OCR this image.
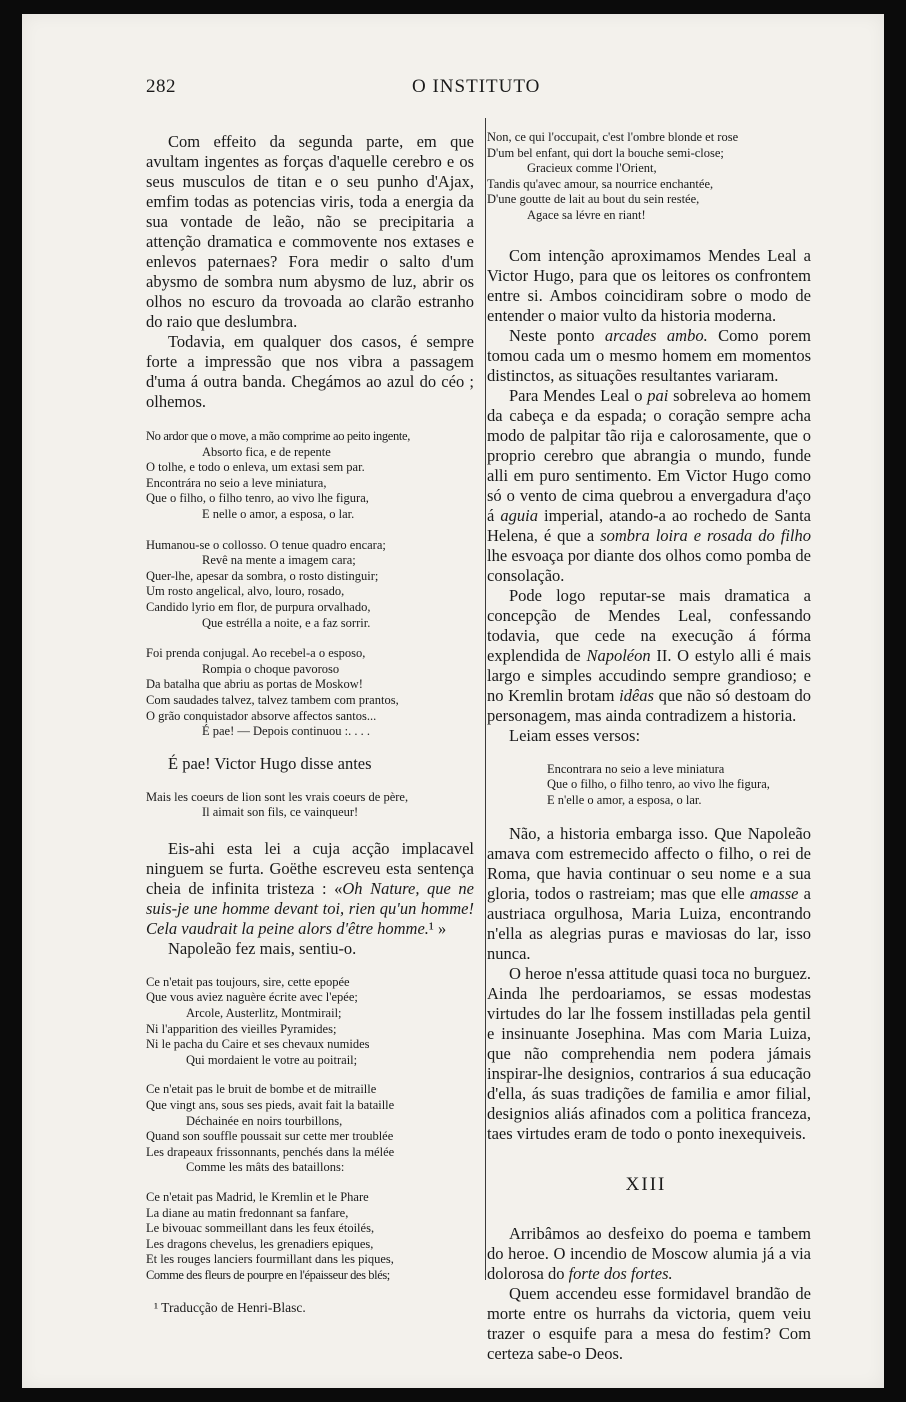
282	O INSTITUTO

Com effeito da segunda parte, em que avultam ingentes as forças d'aquelle cerebro e os seus musculos de titan e o seu punho d'Ajax, emfim todas as potencias viris, toda a energia da sua vontade de leão, não se precipitaria a attenção dramatica e commovente nos extases e enlevos paternaes? Fora medir o salto d'um abysmo de sombra num abysmo de luz, abrir os olhos no escuro da trovoada ao clarão estranho do raio que deslumbra.

Todavia, em qualquer dos casos, é sempre forte a impressão que nos vibra a passagem d'uma á outra banda. Chegámos ao azul do céo ; olhemos.

No ardor que o move, a mão comprime ao peito ingente,
Absorto fica, e de repente
O tolhe, e todo o enleva, um extasi sem par.
Encontrára no seio a leve miniatura,
Que o filho, o filho tenro, ao vivo lhe figura,
E nelle o amor, a esposa, o lar.
Humanou-se o collosso. O tenue quadro encara;
Revê na mente a imagem cara;
Quer-lhe, apesar da sombra, o rosto distinguir;
Um rosto angelical, alvo, louro, rosado,
Candido lyrio em flor, de purpura orvalhado,
Que estrélla a noite, e a faz sorrir.
Foi prenda conjugal. Ao recebel-a o esposo,
Rompia o choque pavoroso
Da batalha que abriu as portas de Moskow!
Com saudades talvez, talvez tambem com prantos,
O grão conquistador absorve affectos santos...
É pae! — Depois continuou :. . . .

É pae! Victor Hugo disse antes

Mais les coeurs de lion sont les vrais coeurs de père,
Il aimait son fils, ce vainqueur!

Eis-ahi esta lei a cuja acção implacavel ninguem se furta. Goëthe escreveu esta sentença cheia de infinita tristeza : «Oh Nature, que ne suis-je une homme devant toi, rien qu'un homme! Cela vaudrait la peine alors d'être homme.¹ »

Napoleão fez mais, sentiu-o.

Ce n'etait pas toujours, sire, cette epopée
Que vous aviez naguère écrite avec l'epée;
Arcole, Austerlitz, Montmirail;
Ni l'apparition des vieilles Pyramides;
Ni le pacha du Caire et ses chevaux numides
Qui mordaient le votre au poitrail;
Ce n'etait pas le bruit de bombe et de mitraille
Que vingt ans, sous ses pieds, avait fait la bataille
Déchainée en noirs tourbillons,
Quand son souffle poussait sur cette mer troublée
Les drapeaux frissonnants, penchés dans la mélée
Comme les mâts des bataillons:
Ce n'etait pas Madrid, le Kremlin et le Phare
La diane au matin fredonnant sa fanfare,
Le bivouac sommeillant dans les feux étoilés,
Les dragons chevelus, les grenadiers epiques,
Et les rouges lanciers fourmillant dans les piques,
Comme des fleurs de pourpre en l'épaisseur des blés;

¹ Traducção de Henri-Blasc.

Non, ce qui l'occupait, c'est l'ombre blonde et rose
D'um bel enfant, qui dort la bouche semi-close;
Gracieux comme l'Orient,
Tandis qu'avec amour, sa nourrice enchantée,
D'une goutte de lait au bout du sein restée,
Agace sa lévre en riant!

Com intenção aproximamos Mendes Leal a Victor Hugo, para que os leitores os confrontem entre si. Ambos coincidiram sobre o modo de entender o maior vulto da historia moderna.

Neste ponto arcades ambo. Como porem tomou cada um o mesmo homem em momentos distinctos, as situações resultantes variaram.

Para Mendes Leal o pai sobreleva ao homem da cabeça e da espada; o coração sempre acha modo de palpitar tão rija e calorosamente, que o proprio cerebro que abrangia o mundo, funde alli em puro sentimento. Em Victor Hugo como só o vento de cima quebrou a envergadura d'aço á aguia imperial, atando-a ao rochedo de Santa Helena, é que a sombra loira e rosada do filho lhe esvoaça por diante dos olhos como pomba de consolação.

Pode logo reputar-se mais dramatica a concepção de Mendes Leal, confessando todavia, que cede na execução á fórma explendida de Napoléon II. O estylo alli é mais largo e simples accudindo sempre grandioso; e no Kremlin brotam idêas que não só destoam do personagem, mas ainda contradizem a historia.

Leiam esses versos:

Encontrara no seio a leve miniatura
Que o filho, o filho tenro, ao vivo lhe figura,
E n'elle o amor, a esposa, o lar.

Não, a historia embarga isso. Que Napoleão amava com estremecido affecto o filho, o rei de Roma, que havia continuar o seu nome e a sua gloria, todos o rastreiam; mas que elle amasse a austriaca orgulhosa, Maria Luiza, encontrando n'ella as alegrias puras e maviosas do lar, isso nunca.

O heroe n'essa attitude quasi toca no burguez. Ainda lhe perdoariamos, se essas modestas virtudes do lar lhe fossem instilladas pela gentil e insinuante Josephina. Mas com Maria Luiza, que não comprehendia nem podera jámais inspirar-lhe designios, contrarios á sua educação d'ella, ás suas tradições de familia e amor filial, designios aliás afinados com a politica franceza, taes virtudes eram de todo o ponto inexequiveis.

XIII

Arribâmos ao desfeixo do poema e tambem do heroe. O incendio de Moscow alumia já a via dolorosa do forte dos fortes.

Quem accendeu esse formidavel brandão de morte entre os hurrahs da victoria, quem veiu trazer o esquife para a mesa do festim? Com certeza sabe-o Deos.
